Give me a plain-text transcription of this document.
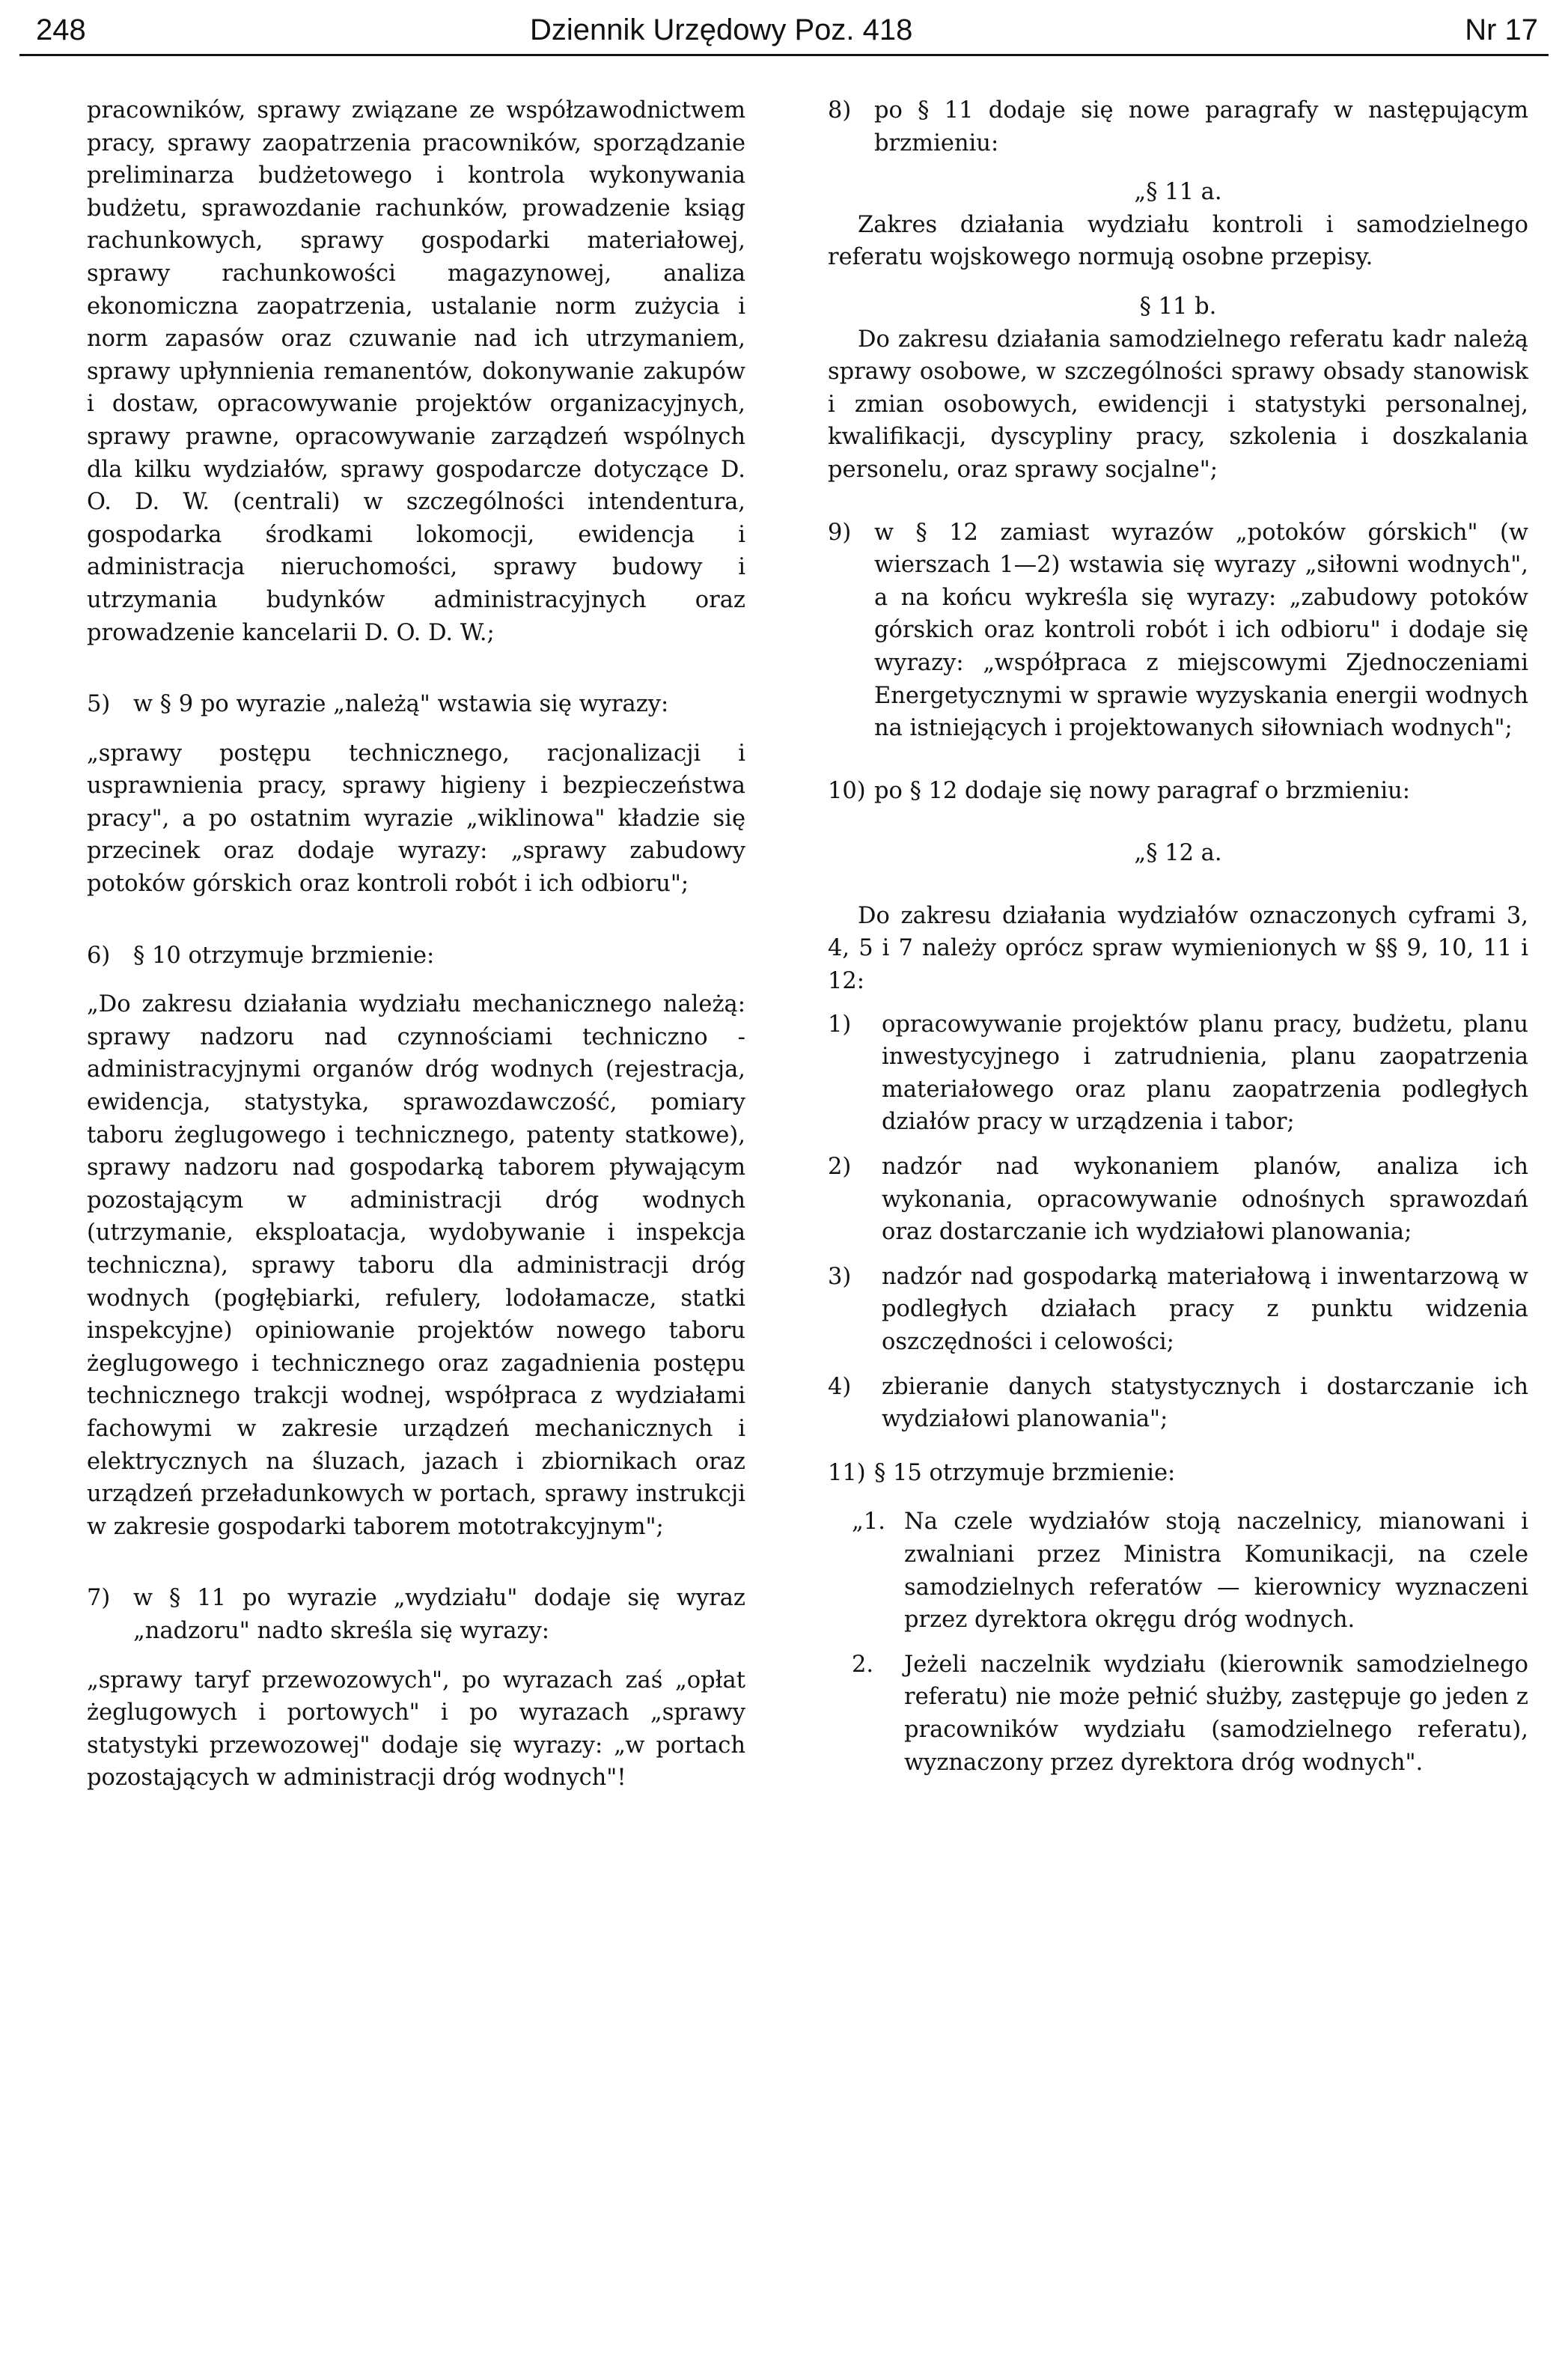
248	Dziennik Urzędowy Poz. 418	Nr 17

pracowników, sprawy związane ze współzawodnictwem pracy, sprawy zaopatrzenia pracowników, sporządzanie preliminarza budżetowego i kontrola wykonywania budżetu, sprawozdanie rachunków, prowadzenie ksiąg rachunkowych, sprawy gospodarki materiałowej, sprawy rachunkowości magazynowej, analiza ekonomiczna zaopatrzenia, ustalanie norm zużycia i norm zapasów oraz czuwanie nad ich utrzymaniem, sprawy upłynnienia remanentów, dokonywanie zakupów i dostaw, opracowywanie projektów organizacyjnych, sprawy prawne, opracowywanie zarządzeń wspólnych dla kilku wydziałów, sprawy gospodarcze dotyczące D. O. D. W. (centrali) w szczególności intendentura, gospodarka środkami lokomocji, ewidencja i administracja nieruchomości, sprawy budowy i utrzymania budynków administracyjnych oraz prowadzenie kancelarii D. O. D. W.;

5) w § 9 po wyrazie „należą" wstawia się wyrazy:

„sprawy postępu technicznego, racjonalizacji i usprawnienia pracy, sprawy higieny i bezpieczeństwa pracy", a po ostatnim wyrazie „wiklinowa" kładzie się przecinek oraz dodaje wyrazy: „sprawy zabudowy potoków górskich oraz kontroli robót i ich odbioru";

6) § 10 otrzymuje brzmienie:

„Do zakresu działania wydziału mechanicznego należą: sprawy nadzoru nad czynnościami techniczno - administracyjnymi organów dróg wodnych (rejestracja, ewidencja, statystyka, sprawozdawczość, pomiary taboru żeglugowego i technicznego, patenty statkowe), sprawy nadzoru nad gospodarką taborem pływającym pozostającym w administracji dróg wodnych (utrzymanie, eksploatacja, wydobywanie i inspekcja techniczna), sprawy taboru dla administracji dróg wodnych (pogłębiarki, refulery, lodołamacze, statki inspekcyjne) opiniowanie projektów nowego taboru żeglugowego i technicznego oraz zagadnienia postępu technicznego trakcji wodnej, współpraca z wydziałami fachowymi w zakresie urządzeń mechanicznych i elektrycznych na śluzach, jazach i zbiornikach oraz urządzeń przeładunkowych w portach, sprawy instrukcji w zakresie gospodarki taborem mototrakcyjnym";

7) w § 11 po wyrazie „wydziału" dodaje się wyraz „nadzoru" nadto skreśla się wyrazy:

„sprawy taryf przewozowych", po wyrazach zaś „opłat żeglugowych i portowych" i po wyrazach „sprawy statystyki przewozowej" dodaje się wyrazy: „w portach pozostających w administracji dróg wodnych"!

8) po § 11 dodaje się nowe paragrafy w następującym brzmieniu:

„§ 11 a.

Zakres działania wydziału kontroli i samodzielnego referatu wojskowego normują osobne przepisy.

§ 11 b.

Do zakresu działania samodzielnego referatu kadr należą sprawy osobowe, w szczególności sprawy obsady stanowisk i zmian osobowych, ewidencji i statystyki personalnej, kwalifikacji, dyscypliny pracy, szkolenia i doszkalania personelu, oraz sprawy socjalne";

9) w § 12 zamiast wyrazów „potoków górskich" (w wierszach 1—2) wstawia się wyrazy „siłowni wodnych", a na końcu wykreśla się wyrazy: „zabudowy potoków górskich oraz kontroli robót i ich odbioru" i dodaje się wyrazy: „współpraca z miejscowymi Zjednoczeniami Energetycznymi w sprawie wyzyskania energii wodnych na istniejących i projektowanych siłowniach wodnych";

10) po § 12 dodaje się nowy paragraf o brzmieniu:

„§ 12 a.

Do zakresu działania wydziałów oznaczonych cyframi 3, 4, 5 i 7 należy oprócz spraw wymienionych w §§ 9, 10, 11 i 12:

1) opracowywanie projektów planu pracy, budżetu, planu inwestycyjnego i zatrudnienia, planu zaopatrzenia materiałowego oraz planu zaopatrzenia podległych działów pracy w urządzenia i tabor;

2) nadzór nad wykonaniem planów, analiza ich wykonania, opracowywanie odnośnych sprawozdań oraz dostarczanie ich wydziałowi planowania;

3) nadzór nad gospodarką materiałową i inwentarzową w podległych działach pracy z punktu widzenia oszczędności i celowości;

4) zbieranie danych statystycznych i dostarczanie ich wydziałowi planowania";

11) § 15 otrzymuje brzmienie:

„1. Na czele wydziałów stoją naczelnicy, mianowani i zwalniani przez Ministra Komunikacji, na czele samodzielnych referatów — kierownicy wyznaczeni przez dyrektora okręgu dróg wodnych.

2. Jeżeli naczelnik wydziału (kierownik samodzielnego referatu) nie może pełnić służby, zastępuje go jeden z pracowników wydziału (samodzielnego referatu), wyznaczony przez dyrektora dróg wodnych".
